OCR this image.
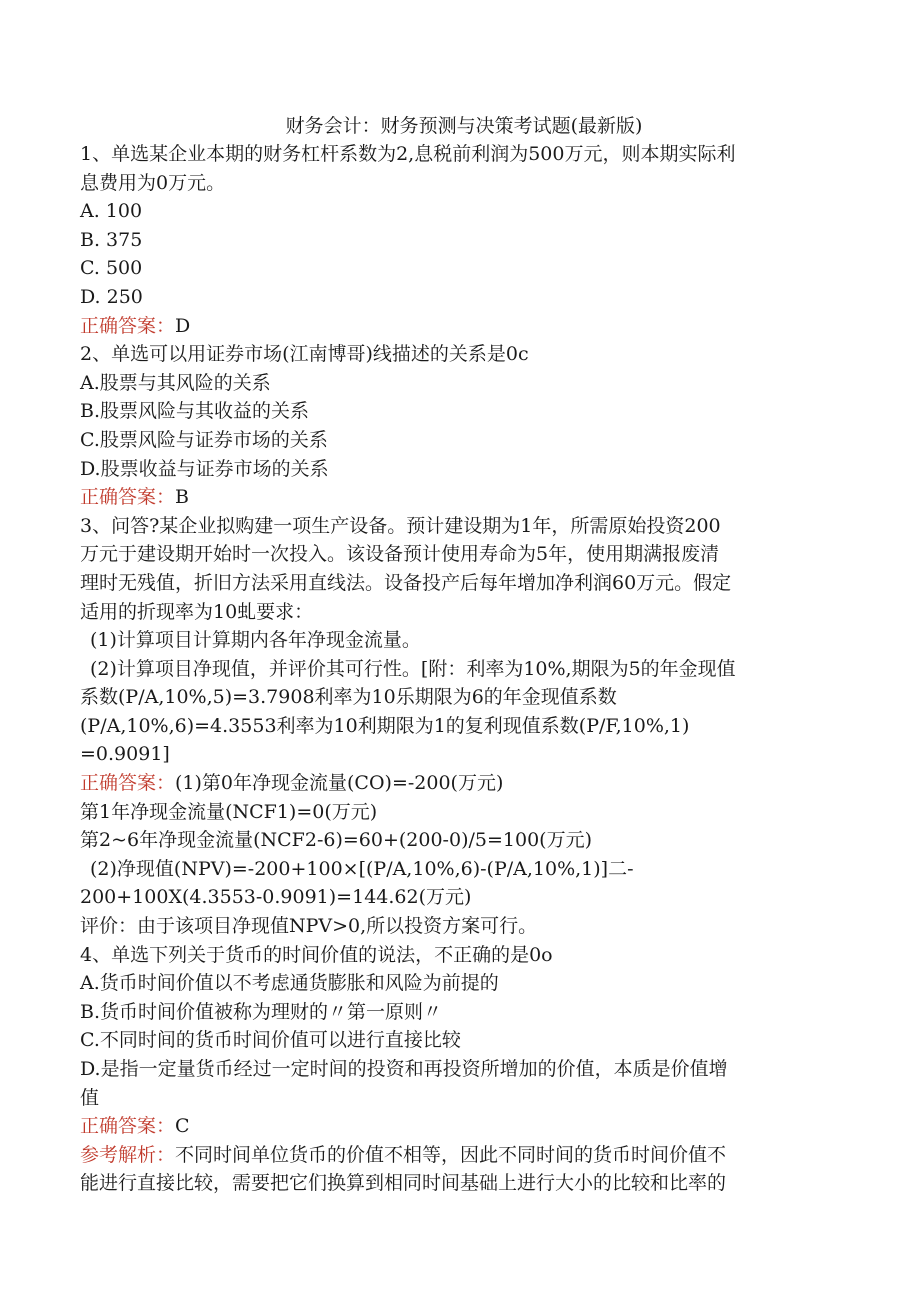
财务会计：财务预测与决策考试题(最新版)

1、单选某企业本期的财务杠杆系数为2,息税前利润为500万元，则本期实际利

息费用为0万元。

A. 100

B. 375

C. 500

D. 250

正确答案：D

2、单选可以用证券市场(江南博哥)线描述的关系是0c

A.股票与其风险的关系

B.股票风险与其收益的关系

C.股票风险与证券市场的关系

D.股票收益与证券市场的关系

正确答案：B

3、问答?某企业拟购建一项生产设备。预计建设期为1年，所需原始投资200

万元于建设期开始时一次投入。该设备预计使用寿命为5年，使用期满报废清

理时无残值，折旧方法采用直线法。设备投产后每年增加净利润60万元。假定

适用的折现率为10虬要求：

(1)计算项目计算期内各年净现金流量。

(2)计算项目净现值，并评价其可行性。[附：利率为10%,期限为5的年金现值

系数(P/A,10%,5)=3.7908利率为10乐期限为6的年金现值系数

(P/A,10%,6)=4.3553利率为10利期限为1的复利现值系数(P/F,10%,1)

=0.9091]

正确答案：(1)第0年净现金流量(CO)=-200(万元)

第1年净现金流量(NCF1)=0(万元)

第2~6年净现金流量(NCF2-6)=60+(200-0)/5=100(万元)

(2)净现值(NPV)=-200+100×[(P/A,10%,6)-(P/A,10%,1)]二-

200+100X(4.3553-0.9091)=144.62(万元)

评价：由于该项目净现值NPV>0,所以投资方案可行。

4、单选下列关于货币的时间价值的说法，不正确的是0o

A.货币时间价值以不考虑通货膨胀和风险为前提的

B.货币时间价值被称为理财的〃第一原则〃

C.不同时间的货币时间价值可以进行直接比较

D.是指一定量货币经过一定时间的投资和再投资所增加的价值，本质是价值增

值

正确答案：C

参考解析：不同时间单位货币的价值不相等，因此不同时间的货币时间价值不

能进行直接比较，需要把它们换算到相同时间基础上进行大小的比较和比率的
